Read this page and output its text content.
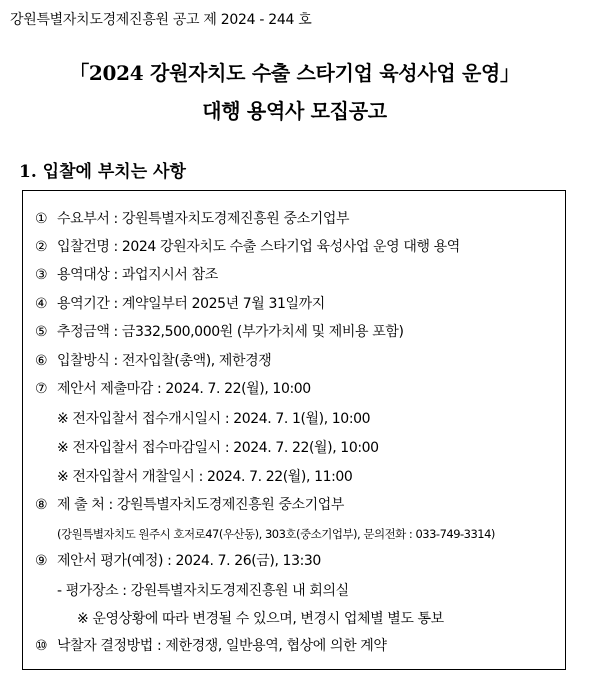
강원특별자치도경제진흥원 공고 제 2024 - 244 호
「2024 강원자치도 수출 스타기업 육성사업 운영」
대행 용역사 모집공고
1. 입찰에 부치는 사항
① 수요부서 : 강원특별자치도경제진흥원 중소기업부
② 입찰건명 : 2024 강원자치도 수출 스타기업 육성사업 운영 대행 용역
③ 용역대상 : 과업지시서 참조
④ 용역기간 : 계약일부터 2025년 7월 31일까지
⑤ 추정금액 : 금332,500,000원 (부가가치세 및 제비용 포함)
⑥ 입찰방식 : 전자입찰(총액), 제한경쟁
⑦ 제안서 제출마감 : 2024. 7. 22(월), 10:00
※ 전자입찰서 접수개시일시 : 2024. 7. 1(월), 10:00
※ 전자입찰서 접수마감일시 : 2024. 7. 22(월), 10:00
※ 전자입찰서 개찰일시 : 2024. 7. 22(월), 11:00
⑧ 제 출 처 : 강원특별자치도경제진흥원 중소기업부
(강원특별자치도 원주시 호저로47(우산동), 303호(중소기업부), 문의전화 : 033-749-3314)
⑨ 제안서 평가(예정) : 2024. 7. 26(금), 13:30
- 평가장소 : 강원특별자치도경제진흥원 내 회의실
※ 운영상황에 따라 변경될 수 있으며, 변경시 업체별 별도 통보
⑩ 낙찰자 결정방법 : 제한경쟁, 일반용역, 협상에 의한 계약
